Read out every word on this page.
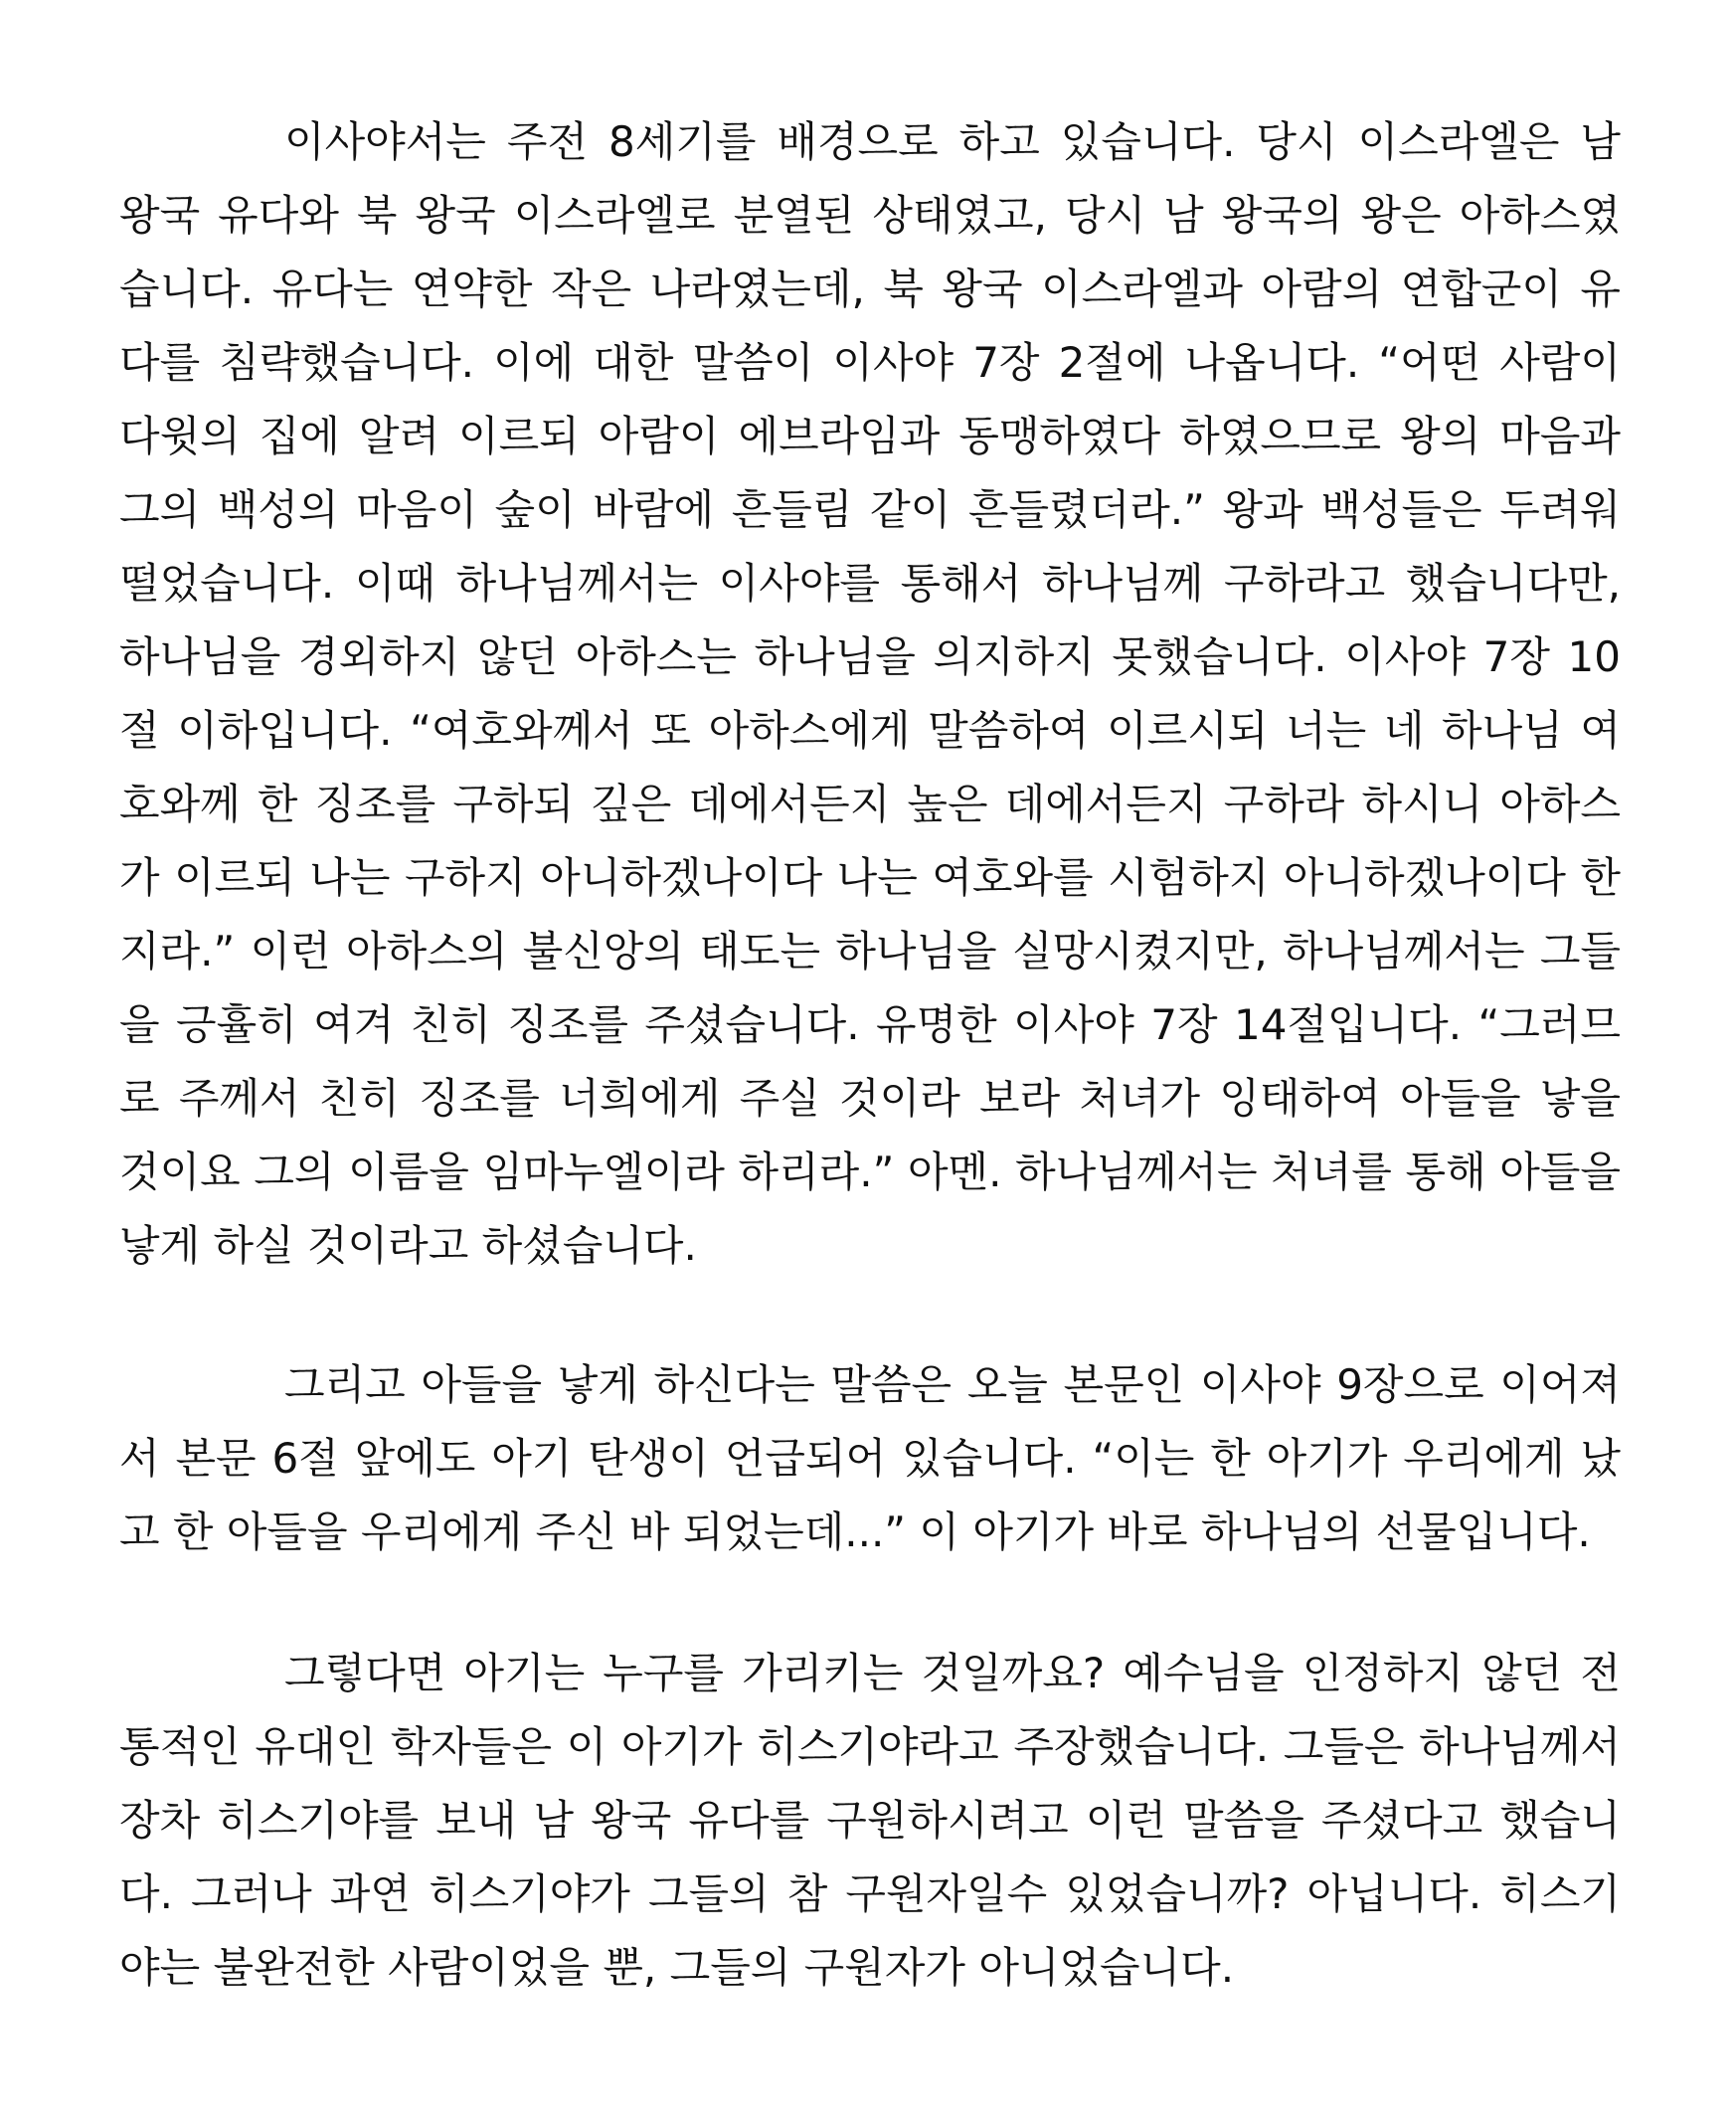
이사야서는 주전 8세기를 배경으로 하고 있습니다. 당시 이스라엘은 남
왕국 유다와 북 왕국 이스라엘로 분열된 상태였고, 당시 남 왕국의 왕은 아하스였
습니다. 유다는 연약한 작은 나라였는데, 북 왕국 이스라엘과 아람의 연합군이 유
다를 침략했습니다. 이에 대한 말씀이 이사야 7장 2절에 나옵니다. “어떤 사람이
다윗의 집에 알려 이르되 아람이 에브라임과 동맹하였다 하였으므로 왕의 마음과
그의 백성의 마음이 숲이 바람에 흔들림 같이 흔들렸더라.” 왕과 백성들은 두려워
떨었습니다. 이때 하나님께서는 이사야를 통해서 하나님께 구하라고 했습니다만,
하나님을 경외하지 않던 아하스는 하나님을 의지하지 못했습니다. 이사야 7장 10
절 이하입니다. “여호와께서 또 아하스에게 말씀하여 이르시되 너는 네 하나님 여
호와께 한 징조를 구하되 깊은 데에서든지 높은 데에서든지 구하라 하시니 아하스
가 이르되 나는 구하지 아니하겠나이다 나는 여호와를 시험하지 아니하겠나이다 한
지라.” 이런 아하스의 불신앙의 태도는 하나님을 실망시켰지만, 하나님께서는 그들
을 긍휼히 여겨 친히 징조를 주셨습니다. 유명한 이사야 7장 14절입니다. “그러므
로 주께서 친히 징조를 너희에게 주실 것이라 보라 처녀가 잉태하여 아들을 낳을
것이요 그의 이름을 임마누엘이라 하리라.” 아멘. 하나님께서는 처녀를 통해 아들을
낳게 하실 것이라고 하셨습니다.
그리고 아들을 낳게 하신다는 말씀은 오늘 본문인 이사야 9장으로 이어져
서 본문 6절 앞에도 아기 탄생이 언급되어 있습니다. “이는 한 아기가 우리에게 났
고 한 아들을 우리에게 주신 바 되었는데...” 이 아기가 바로 하나님의 선물입니다.
그렇다면 아기는 누구를 가리키는 것일까요? 예수님을 인정하지 않던 전
통적인 유대인 학자들은 이 아기가 히스기야라고 주장했습니다. 그들은 하나님께서
장차 히스기야를 보내 남 왕국 유다를 구원하시려고 이런 말씀을 주셨다고 했습니
다. 그러나 과연 히스기야가 그들의 참 구원자일수 있었습니까? 아닙니다. 히스기
야는 불완전한 사람이었을 뿐, 그들의 구원자가 아니었습니다.
